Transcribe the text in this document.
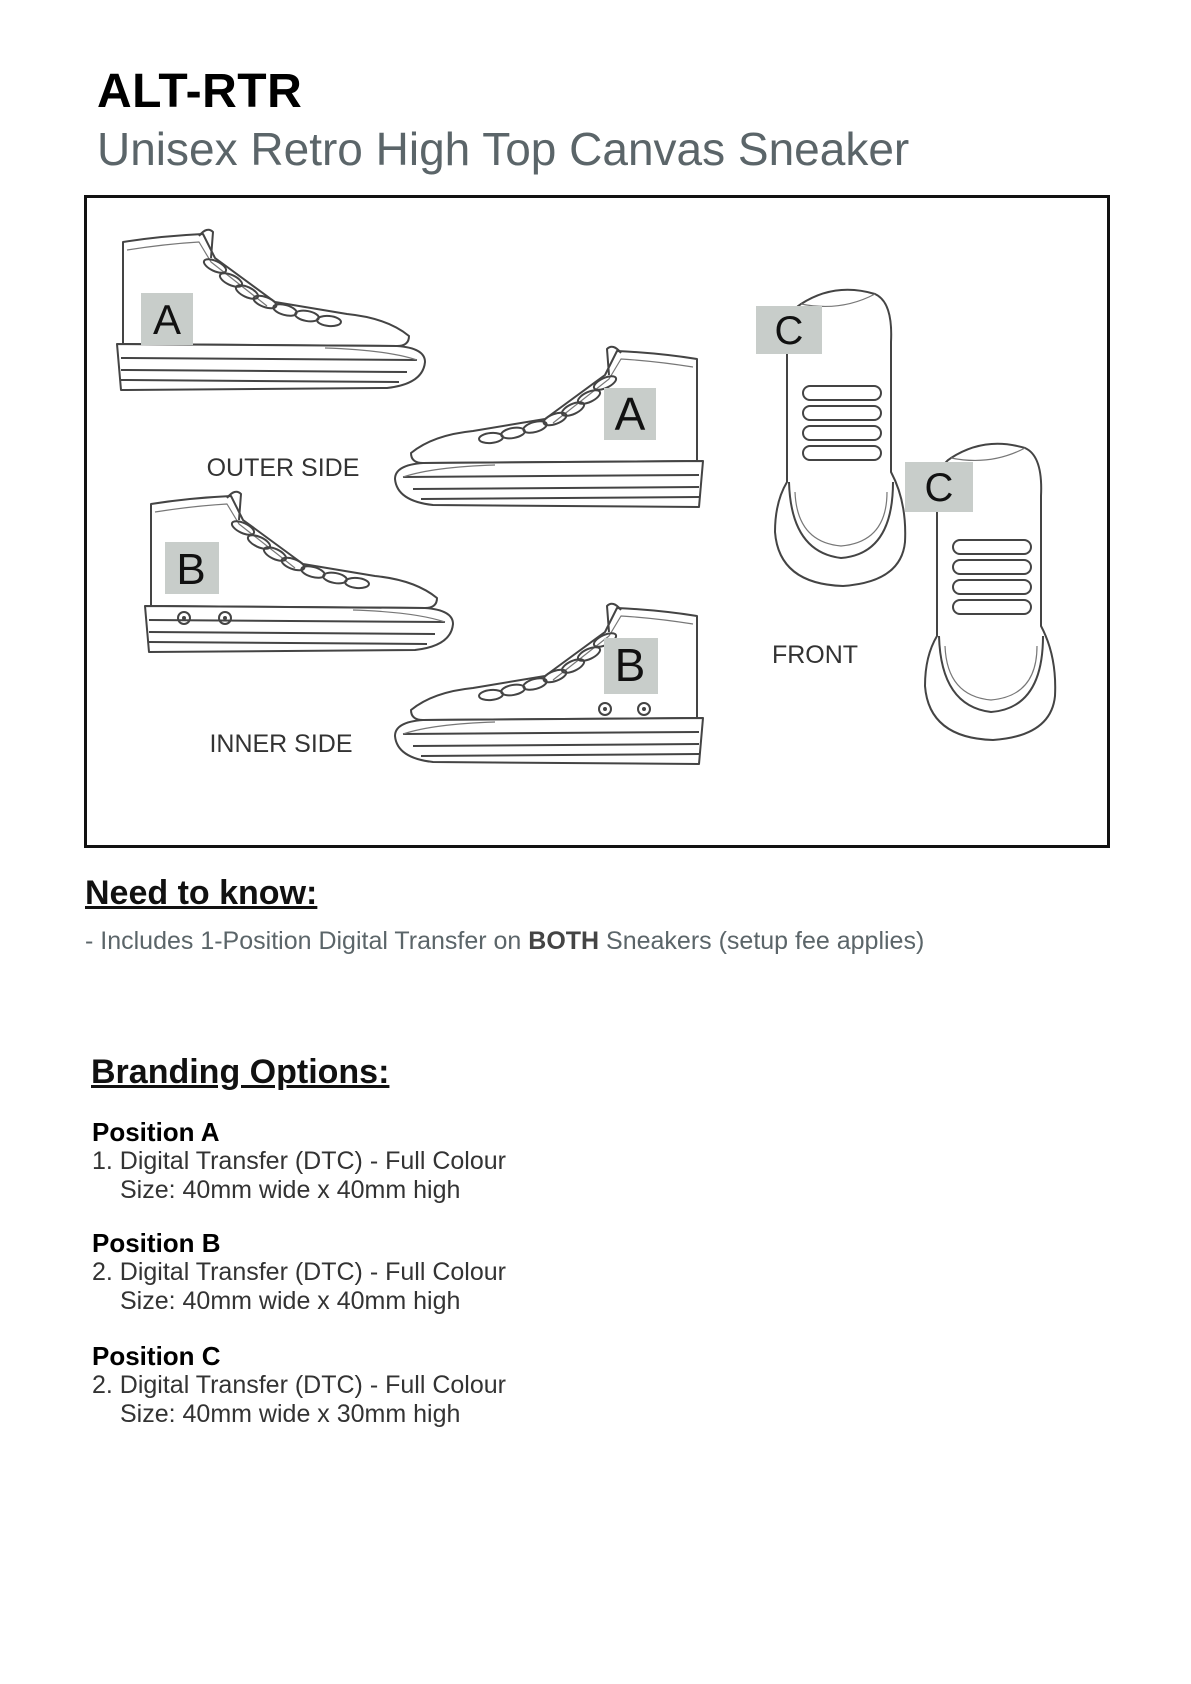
ALT-RTR
Unisex Retro High Top Canvas Sneaker
A
A
B
B
C
C
OUTER SIDE
INNER SIDE
FRONT
Need to know:
- Includes 1-Position Digital Transfer on BOTH Sneakers (setup fee applies)
Branding Options:
Position A
1. Digital Transfer (DTC) - Full Colour
Size: 40mm wide x 40mm high
Position B
2. Digital Transfer (DTC) - Full Colour
Size: 40mm wide x 40mm high
Position C
2. Digital Transfer (DTC) - Full Colour
Size: 40mm wide x 30mm high
